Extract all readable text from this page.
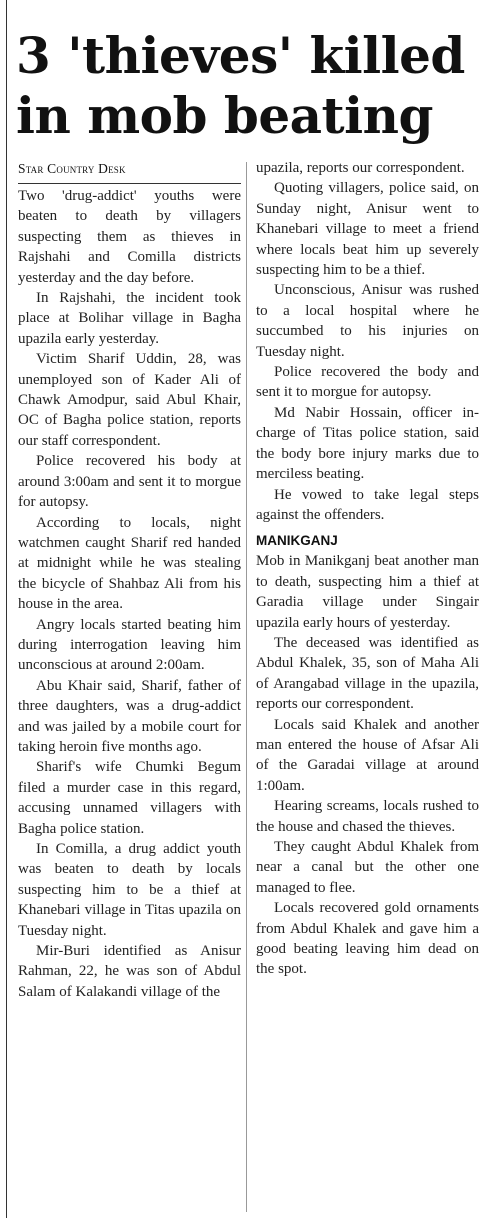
3 'thieves' killed in mob beating
Star Country Desk

Two 'drug-addict' youths were beaten to death by villagers suspecting them as thieves in Rajshahi and Comilla districts yesterday and the day before.

In Rajshahi, the incident took place at Bolihar village in Bagha upazila early yesterday.

Victim Sharif Uddin, 28, was unemployed son of Kader Ali of Chawk Amodpur, said Abul Khair, OC of Bagha police station, reports our staff correspondent.

Police recovered his body at around 3:00am and sent it to morgue for autopsy.

According to locals, night watchmen caught Sharif red handed at midnight while he was stealing the bicycle of Shahbaz Ali from his house in the area.

Angry locals started beating him during interrogation leaving him unconscious at around 2:00am.

Abu Khair said, Sharif, father of three daughters, was a drug-addict and was jailed by a mobile court for taking heroin five months ago.

Sharif's wife Chumki Begum filed a murder case in this regard, accusing unnamed villagers with Bagha police station.

In Comilla, a drug addict youth was beaten to death by locals suspecting him to be a thief at Khanebari village in Titas upazila on Tuesday night.

Mir-Buri identified as Anisur Rahman, 22, he was son of Abdul Salam of Kalakandi village of the

upazila, reports our correspondent.

Quoting villagers, police said, on Sunday night, Anisur went to Khanebari village to meet a friend where locals beat him up severely suspecting him to be a thief.

Unconscious, Anisur was rushed to a local hospital where he succumbed to his injuries on Tuesday night.

Police recovered the body and sent it to morgue for autopsy.

Md Nabir Hossain, officer in-charge of Titas police station, said the body bore injury marks due to merciless beating.

He vowed to take legal steps against the offenders.

MANIKGANJ

Mob in Manikganj beat another man to death, suspecting him a thief at Garadia village under Singair upazila early hours of yesterday.

The deceased was identified as Abdul Khalek, 35, son of Maha Ali of Arangabad village in the upazila, reports our correspondent.

Locals said Khalek and another man entered the house of Afsar Ali of the Garadai village at around 1:00am.

Hearing screams, locals rushed to the house and chased the thieves.

They caught Abdul Khalek from near a canal but the other one managed to flee.

Locals recovered gold ornaments from Abdul Khalek and gave him a good beating leaving him dead on the spot.
